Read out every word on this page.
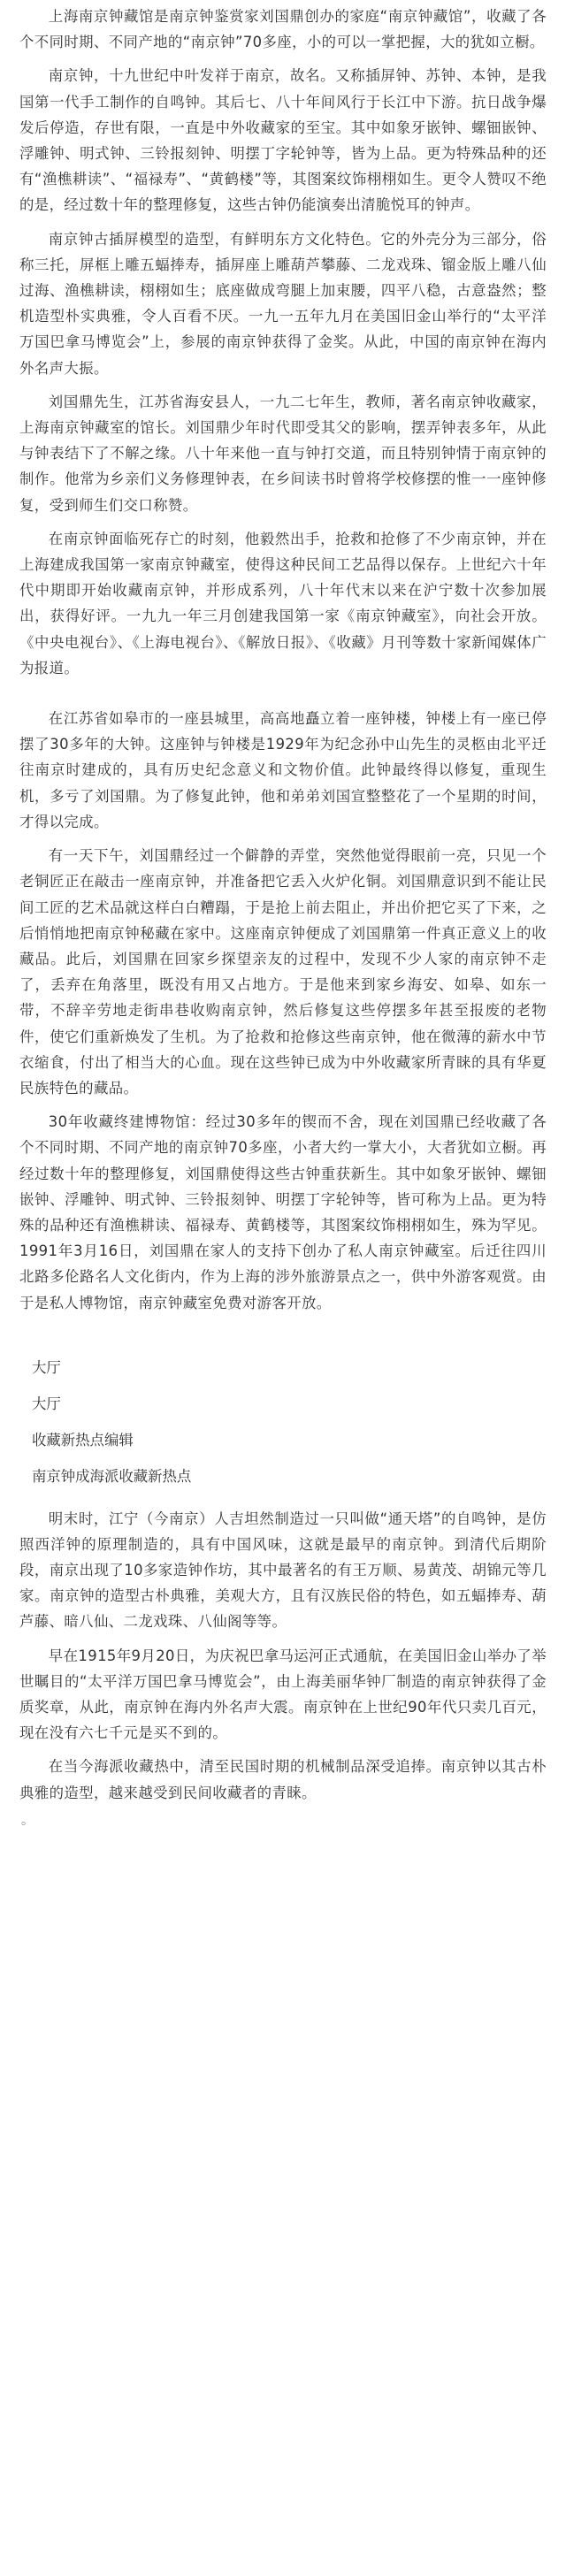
上海南京钟藏馆是南京钟鉴赏家刘国鼎创办的家庭“南京钟藏馆”，收藏了各个不同时期、不同产地的“南京钟”70多座，小的可以一掌把握，大的犹如立橱。

南京钟，十九世纪中叶发祥于南京，故名。又称插屏钟、苏钟、本钟，是我国第一代手工制作的自鸣钟。其后七、八十年间风行于长江中下游。抗日战争爆发后停造，存世有限，一直是中外收藏家的至宝。其中如象牙嵌钟、螺钿嵌钟、浮雕钟、明式钟、三铃报刻钟、明摆丁字轮钟等，皆为上品。更为特殊品种的还有“渔樵耕读”、“福禄寿”、“黄鹤楼”等，其图案纹饰栩栩如生。更令人赞叹不绝的是，经过数十年的整理修复，这些古钟仍能演奏出清脆悦耳的钟声。

南京钟古插屏模型的造型，有鲜明东方文化特色。它的外壳分为三部分，俗称三托，屏框上雕五蝠捧寿，插屏座上雕葫芦攀藤、二龙戏珠、镏金版上雕八仙过海、渔樵耕读，栩栩如生；底座做成弯腿上加束腰，四平八稳，古意盎然；整机造型朴实典雅，令人百看不厌。一九一五年九月在美国旧金山举行的“太平洋万国巴拿马博览会”上，参展的南京钟获得了金奖。从此，中国的南京钟在海内外名声大振。

刘国鼎先生，江苏省海安县人，一九二七年生，教师，著名南京钟收藏家，上海南京钟藏室的馆长。刘国鼎少年时代即受其父的影响，摆弄钟表多年，从此与钟表结下了不解之缘。八十年来他一直与钟打交道，而且特别钟情于南京钟的制作。他常为乡亲们义务修理钟表，在乡间读书时曾将学校修摆的惟一一座钟修复，受到师生们交口称赞。

在南京钟面临死存亡的时刻，他毅然出手，抢救和抢修了不少南京钟，并在上海建成我国第一家南京钟藏室，使得这种民间工艺品得以保存。上世纪六十年代中期即开始收藏南京钟，并形成系列，八十年代末以来在沪宁数十次参加展出，获得好评。一九九一年三月创建我国第一家《南京钟藏室》，向社会开放。《中央电视台》、《上海电视台》、《解放日报》、《收藏》月刊等数十家新闻媒体广为报道。

在江苏省如皋市的一座县城里，高高地矗立着一座钟楼，钟楼上有一座已停摆了30多年的大钟。这座钟与钟楼是1929年为纪念孙中山先生的灵柩由北平迁往南京时建成的，具有历史纪念意义和文物价值。此钟最终得以修复，重现生机，多亏了刘国鼎。为了修复此钟，他和弟弟刘国宣整整花了一个星期的时间，才得以完成。

有一天下午，刘国鼎经过一个僻静的弄堂，突然他觉得眼前一亮，只见一个老铜匠正在敲击一座南京钟，并准备把它丢入火炉化铜。刘国鼎意识到不能让民间工匠的艺术品就这样白白糟蹋，于是抢上前去阻止，并出价把它买了下来，之后悄悄地把南京钟秘藏在家中。这座南京钟便成了刘国鼎第一件真正意义上的收藏品。此后，刘国鼎在回家乡探望亲友的过程中，发现不少人家的南京钟不走了，丢弃在角落里，既没有用又占地方。于是他来到家乡海安、如皋、如东一带，不辞辛劳地走街串巷收购南京钟，然后修复这些停摆多年甚至报废的老物件，使它们重新焕发了生机。为了抢救和抢修这些南京钟，他在微薄的薪水中节衣缩食，付出了相当大的心血。现在这些钟已成为中外收藏家所青睐的具有华夏民族特色的藏品。

30年收藏终建博物馆：经过30多年的锲而不舍，现在刘国鼎已经收藏了各个不同时期、不同产地的南京钟70多座，小者大约一掌大小，大者犹如立橱。再经过数十年的整理修复，刘国鼎使得这些古钟重获新生。其中如象牙嵌钟、螺钿嵌钟、浮雕钟、明式钟、三铃报刻钟、明摆丁字轮钟等，皆可称为上品。更为特殊的品种还有渔樵耕读、福禄寿、黄鹤楼等，其图案纹饰栩栩如生，殊为罕见。1991年3月16日，刘国鼎在家人的支持下创办了私人南京钟藏室。后迁往四川北路多伦路名人文化街内，作为上海的涉外旅游景点之一，供中外游客观赏。由于是私人博物馆，南京钟藏室免费对游客开放。

大厅

大厅

收藏新热点编辑

南京钟成海派收藏新热点

明末时，江宁（今南京）人吉坦然制造过一只叫做“通天塔”的自鸣钟，是仿照西洋钟的原理制造的，具有中国风味，这就是最早的南京钟。到清代后期阶段，南京出现了10多家造钟作坊，其中最著名的有王万顺、易黄茂、胡锦元等几家。南京钟的造型古朴典雅，美观大方，且有汉族民俗的特色，如五蝠捧寿、葫芦藤、暗八仙、二龙戏珠、八仙阁等等。

早在1915年9月20日，为庆祝巴拿马运河正式通航，在美国旧金山举办了举世瞩目的“太平洋万国巴拿马博览会”，由上海美丽华钟厂制造的南京钟获得了金质奖章，从此，南京钟在海内外名声大震。南京钟在上世纪90年代只卖几百元，现在没有六七千元是买不到的。

在当今海派收藏热中，清至民国时期的机械制品深受追捧。南京钟以其古朴典雅的造型，越来越受到民间收藏者的青睐。

。
